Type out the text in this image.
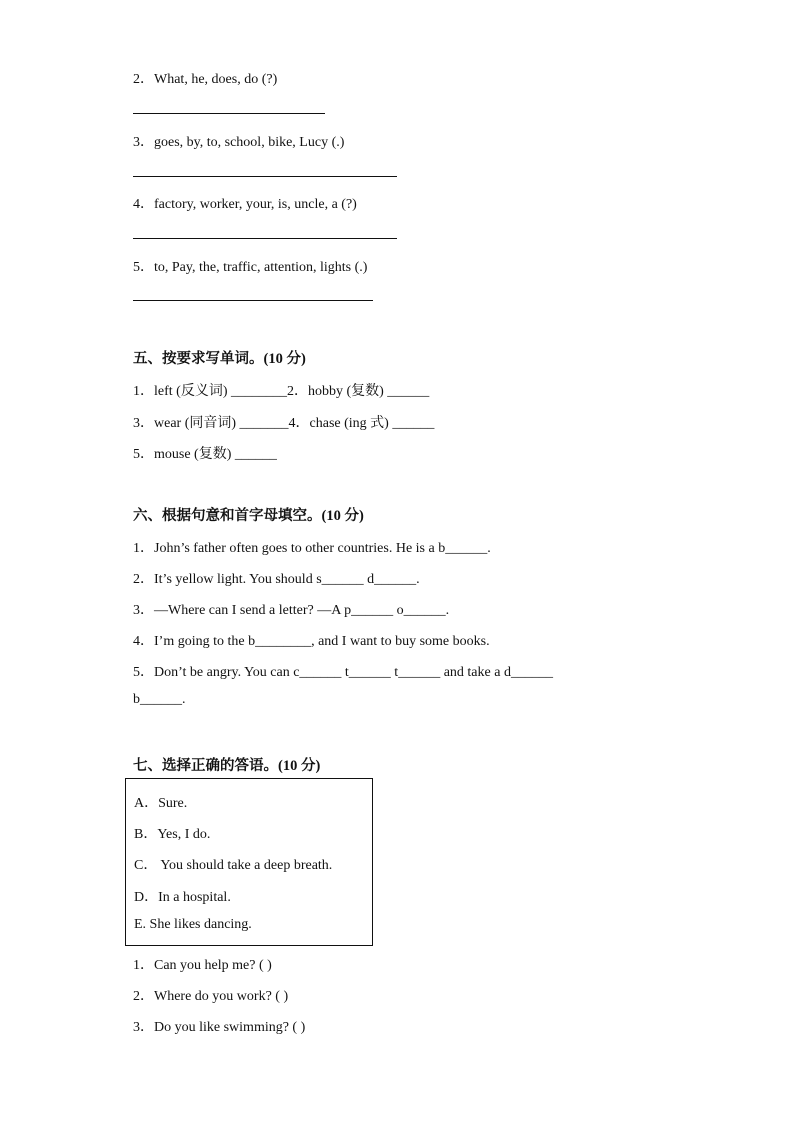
2．What, he, does, do (?)
3．goes, by, to, school, bike, Lucy (.)
4．factory, worker, your, is, uncle, a (?)
5．to, Pay, the, traffic, attention, lights (.)
五、按要求写单词。(10 分)
1．left (反义词) ________2．hobby (复数) ______
3．wear (同音词) _______4．chase (ing 式) ______
5．mouse (复数) ______
六、根据句意和首字母填空。(10 分)
1．John’s father often goes to other countries. He is a b______.
2．It’s yellow light. You should s______ d______.
3．—Where can I send a letter? —A p______ o______.
4．I’m going to the b________, and I want to buy some books.
5．Don’t be angry. You can c______ t______ t______ and take a d______
b______.
七、选择正确的答语。(10 分)
A．Sure.
B．Yes, I do.
C． You should take a deep breath.
D．In a hospital.
E. She likes dancing.
1．Can you help me? ( )
2．Where do you work? ( )
3．Do you like swimming? ( )
